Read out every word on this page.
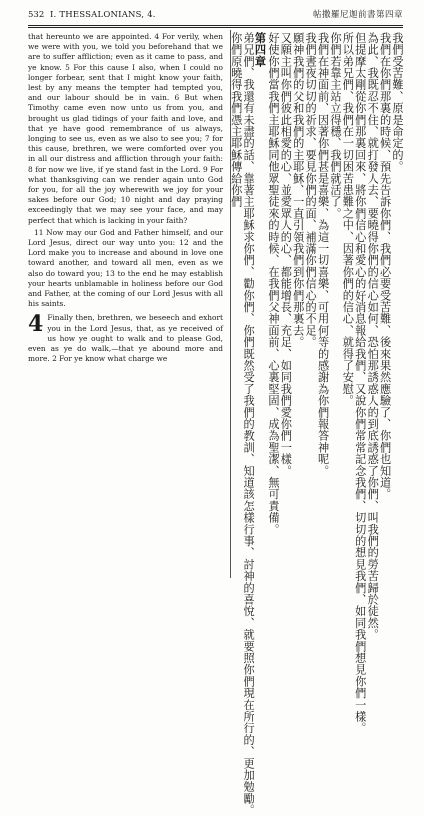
532 I. THESSALONIANS, 4.	帖撒羅尼迦前書第四章

that hereunto we are appointed. 4 For verily, when we were with you, we told you beforehand that we are to suffer affliction; even as it came to pass, and ye know. 5 For this cause I also, when I could no longer forbear, sent that I might know your faith, lest by any means the tempter had tempted you, and our labour should be in vain. 6 But when Timothy came even now unto us from you, and brought us glad tidings of your faith and love, and that ye have good remembrance of us always, longing to see us, even as we also to see you; 7 for this cause, brethren, we were comforted over you in all our distress and affliction through your faith: 8 for now we live, if ye stand fast in the Lord. 9 For what thanksgiving can we render again unto God for you, for all the joy wherewith we joy for your sakes before our God; 10 night and day praying exceedingly that we may see your face, and may perfect that which is lacking in your faith?

11 Now may our God and Father himself, and our Lord Jesus, direct our way unto you: 12 and the Lord make you to increase and abound in love one toward another, and toward all men, even as we also do toward you; 13 to the end he may establish your hearts unblamable in holiness before our God and Father, at the coming of our Lord Jesus with all his saints.

4 Finally then, brethren, we beseech and exhort you in the Lord Jesus, that, as ye received of us how ye ought to walk and to please God, even as ye do walk,—that ye abound more and more. 2 For ye know what charge we

我們受苦難、原是命定的。
我們在你們那裏的時候、預先告訴你們、我們必要受苦難、後來果然應驗了、你們也知道。
為此、我既忍不住、就打發人去、要曉得你們的信心如何、恐怕那誘惑人的到底誘惑了你們、叫我們的勞苦歸於徒然。
但提摩太剛從你們那裏回來、將你們信心和愛心的好消息報給我們、又說你們常常記念我們、切切的想見我們、如同我們想見你們一樣。
所以弟兄們、我們在一切困苦患難之中、因著你們的信心、就得了安慰。
你們若靠主站立得穩、我們就活了。
我們在神面前、因著你們甚是喜樂、為這一切喜樂、可用何等的感謝為你們報答神呢。
我們晝夜切切的祈求、要見你們的面、補滿你們信心的不足。
願神我們的父和我們的主耶穌、一直引領我們到你們那裏去。
又願主叫你們彼此相愛的心、並愛眾人的心、都能增長、充足、如同我們愛你們一樣。
好使你們當我們主耶穌同他眾聖徒來的時候、在我們父神面前、心裏堅固、成為聖潔、無可責備。
第四章
弟兄們、我還有未盡的話、靠著主耶穌求你們、勸你們、你們既然受了我們的教訓、知道該怎樣行事、討神的喜悅、就要照你們現在所行的、更加勉勵。
你們原曉得我們憑主耶穌傳給你們
